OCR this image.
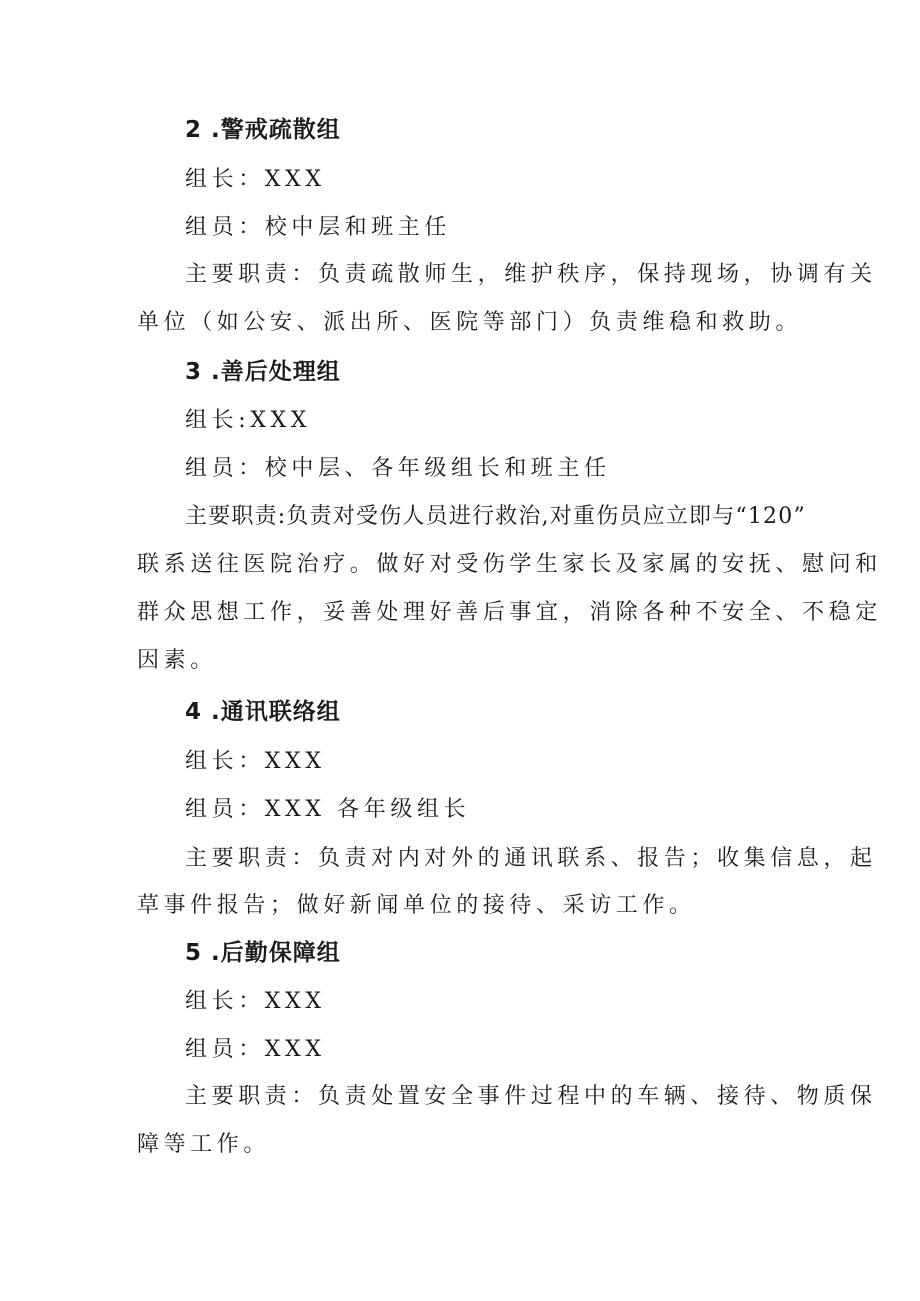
2 .警戒疏散组
组长：XXX
组员：校中层和班主任
主要职责：负责疏散师生，维护秩序，保持现场，协调有关
单位（如公安、派出所、医院等部门）负责维稳和救助。
3 .善后处理组
组长:XXX
组员：校中层、各年级组长和班主任
主要职责:负责对受伤人员进行救治,对重伤员应立即与“120”
联系送往医院治疗。做好对受伤学生家长及家属的安抚、慰问和
群众思想工作，妥善处理好善后事宜，消除各种不安全、不稳定
因素。
4 .通讯联络组
组长：XXX
组员：XXX 各年级组长
主要职责：负责对内对外的通讯联系、报告；收集信息，起
草事件报告；做好新闻单位的接待、采访工作。
5 .后勤保障组
组长：XXX
组员：XXX
主要职责：负责处置安全事件过程中的车辆、接待、物质保
障等工作。
